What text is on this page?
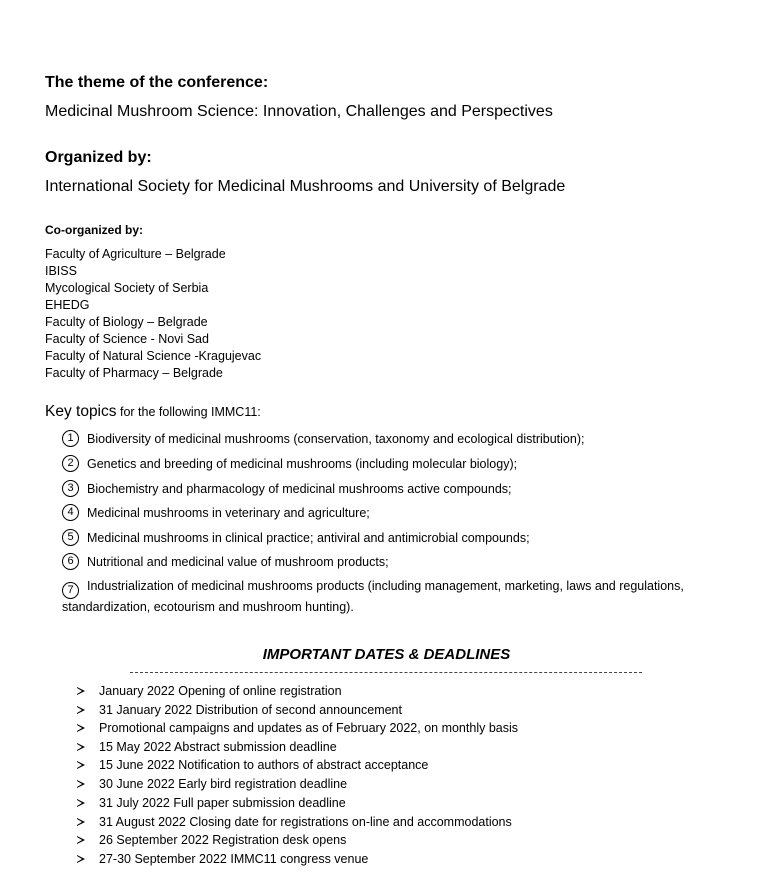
The theme of the conference:
Medicinal Mushroom Science: Innovation, Challenges and Perspectives
Organized by:
International Society for Medicinal Mushrooms and University of Belgrade
Co-organized by:
Faculty of Agriculture – Belgrade
IBISS
Mycological Society of Serbia
EHEDG
Faculty of Biology – Belgrade
Faculty of Science - Novi Sad
Faculty of Natural Science -Kragujevac
Faculty of Pharmacy – Belgrade
Key topics for the following IMMC11:
1	Biodiversity of medicinal mushrooms (conservation, taxonomy and ecological distribution);
2	Genetics and breeding of medicinal mushrooms (including molecular biology);
3	Biochemistry and pharmacology of medicinal mushrooms active compounds;
4	Medicinal mushrooms in veterinary and agriculture;
5	Medicinal mushrooms in clinical practice; antiviral and antimicrobial compounds;
6	Nutritional and medicinal value of mushroom products;
7 Industrialization of medicinal mushrooms products (including management, marketing, laws and regulations, standardization, ecotourism and mushroom hunting).
IMPORTANT DATES & DEADLINES
January 2022 Opening of online registration
31 January 2022 Distribution of second announcement
Promotional campaigns and updates as of February 2022, on monthly basis
15 May 2022 Abstract submission deadline
15 June 2022 Notification to authors of abstract acceptance
30 June 2022 Early bird registration deadline
31 July 2022 Full paper submission deadline
31 August 2022 Closing date for registrations on-line and accommodations
26 September 2022 Registration desk opens
27-30 September 2022 IMMC11 congress venue
